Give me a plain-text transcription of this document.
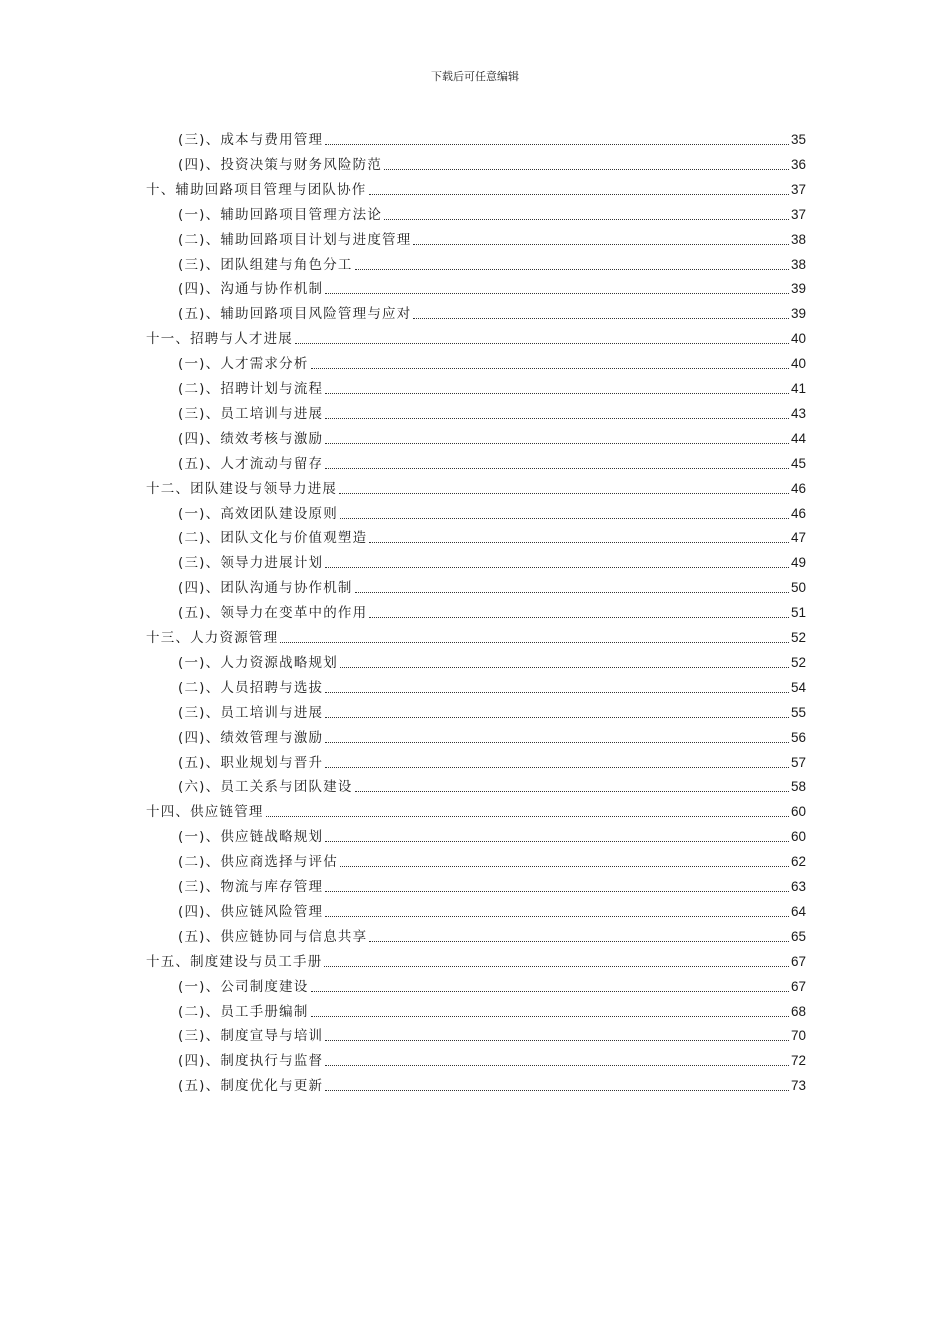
下载后可任意编辑
(三)、成本与费用管理	35
(四)、投资决策与财务风险防范	36
十、辅助回路项目管理与团队协作	37
(一)、辅助回路项目管理方法论	37
(二)、辅助回路项目计划与进度管理	38
(三)、团队组建与角色分工	38
(四)、沟通与协作机制	39
(五)、辅助回路项目风险管理与应对	39
十一、招聘与人才进展	40
(一)、人才需求分析	40
(二)、招聘计划与流程	41
(三)、员工培训与进展	43
(四)、绩效考核与激励	44
(五)、人才流动与留存	45
十二、团队建设与领导力进展	46
(一)、高效团队建设原则	46
(二)、团队文化与价值观塑造	47
(三)、领导力进展计划	49
(四)、团队沟通与协作机制	50
(五)、领导力在变革中的作用	51
十三、人力资源管理	52
(一)、人力资源战略规划	52
(二)、人员招聘与选拔	54
(三)、员工培训与进展	55
(四)、绩效管理与激励	56
(五)、职业规划与晋升	57
(六)、员工关系与团队建设	58
十四、供应链管理	60
(一)、供应链战略规划	60
(二)、供应商选择与评估	62
(三)、物流与库存管理	63
(四)、供应链风险管理	64
(五)、供应链协同与信息共享	65
十五、制度建设与员工手册	67
(一)、公司制度建设	67
(二)、员工手册编制	68
(三)、制度宣导与培训	70
(四)、制度执行与监督	72
(五)、制度优化与更新	73
